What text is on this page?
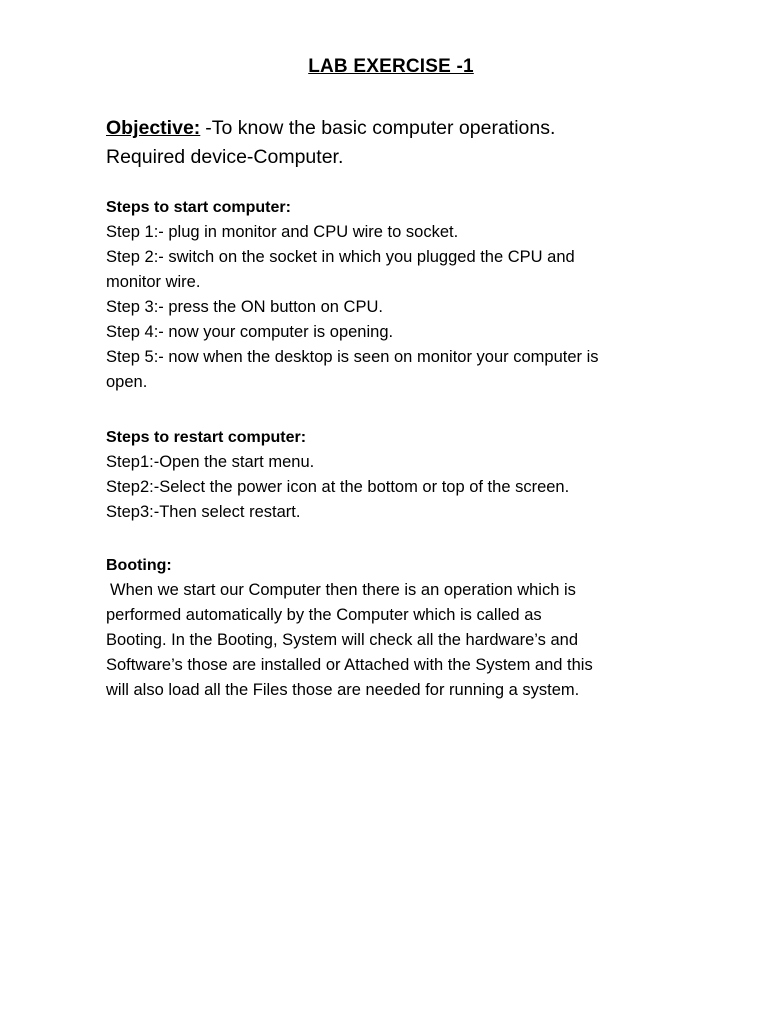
LAB EXERCISE -1
Objective: -To know the basic computer operations.
Required device-Computer.
Steps to start computer:
Step 1:- plug in monitor and CPU wire to socket.
Step 2:- switch on the socket in which you plugged the CPU and
monitor wire.
Step 3:- press the ON button on CPU.
Step 4:- now your computer is opening.
Step 5:- now when the desktop is seen on monitor your computer is
open.
Steps to restart computer:
Step1:-Open the start menu.
Step2:-Select the power icon at the bottom or top of the screen.
Step3:-Then select restart.
Booting:
When we start our Computer then there is an operation which is
performed automatically by the Computer which is called as
Booting. In the Booting, System will check all the hardware’s and
Software’s those are installed or Attached with the System and this
will also load all the Files those are needed for running a system.
